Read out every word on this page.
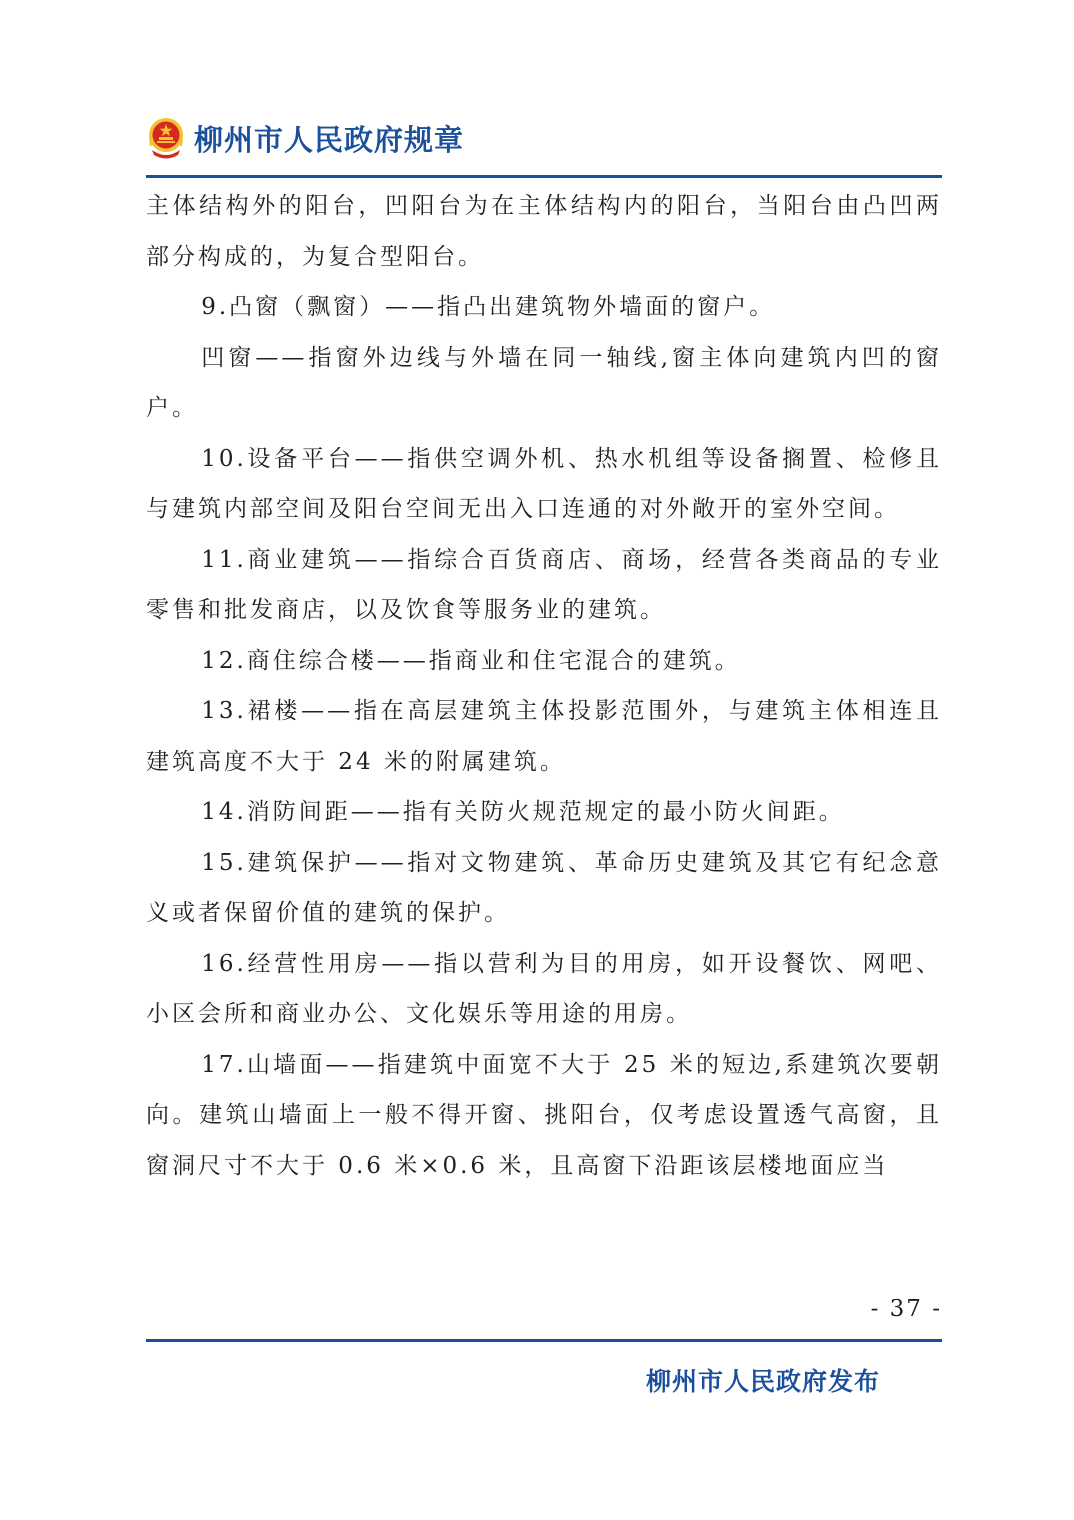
柳州市人民政府规章

主体结构外的阳台，凹阳台为在主体结构内的阳台，当阳台由凸凹两部分构成的，为复合型阳台。

9.凸窗（飘窗）——指凸出建筑物外墙面的窗户。

凹窗——指窗外边线与外墙在同一轴线,窗主体向建筑内凹的窗户。

10.设备平台——指供空调外机、热水机组等设备搁置、检修且与建筑内部空间及阳台空间无出入口连通的对外敞开的室外空间。

11.商业建筑——指综合百货商店、商场，经营各类商品的专业零售和批发商店，以及饮食等服务业的建筑。

12.商住综合楼——指商业和住宅混合的建筑。

13.裙楼——指在高层建筑主体投影范围外，与建筑主体相连且建筑高度不大于 24 米的附属建筑。

14.消防间距——指有关防火规范规定的最小防火间距。

15.建筑保护——指对文物建筑、革命历史建筑及其它有纪念意义或者保留价值的建筑的保护。

16.经营性用房——指以营利为目的用房，如开设餐饮、网吧、小区会所和商业办公、文化娱乐等用途的用房。

17.山墙面——指建筑中面宽不大于 25 米的短边,系建筑次要朝向。建筑山墙面上一般不得开窗、挑阳台，仅考虑设置透气高窗，且窗洞尺寸不大于 0.6 米×0.6 米，且高窗下沿距该层楼地面应当

- 37 -
柳州市人民政府发布
